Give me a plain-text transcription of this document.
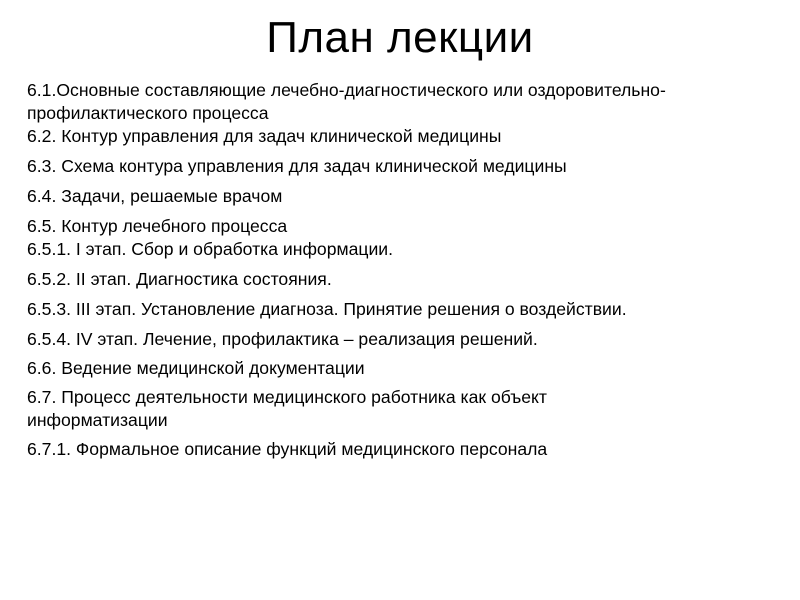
План лекции
6.1.Основные составляющие лечебно-диагностического или оздоровительно-профилактического процесса
6.2. Контур управления для задач клинической медицины
6.3. Схема контура управления для задач клинической медицины
6.4. Задачи, решаемые врачом
6.5. Контур лечебного процесса
6.5.1. I этап. Сбор и обработка информации.
6.5.2. II этап. Диагностика состояния.
6.5.3. III этап. Установление диагноза. Принятие решения о воздействии.
6.5.4. IV этап. Лечение, профилактика – реализация решений.
6.6. Ведение медицинской документации
6.7. Процесс деятельности медицинского работника как объект информатизации
6.7.1. Формальное описание функций медицинского персонала
